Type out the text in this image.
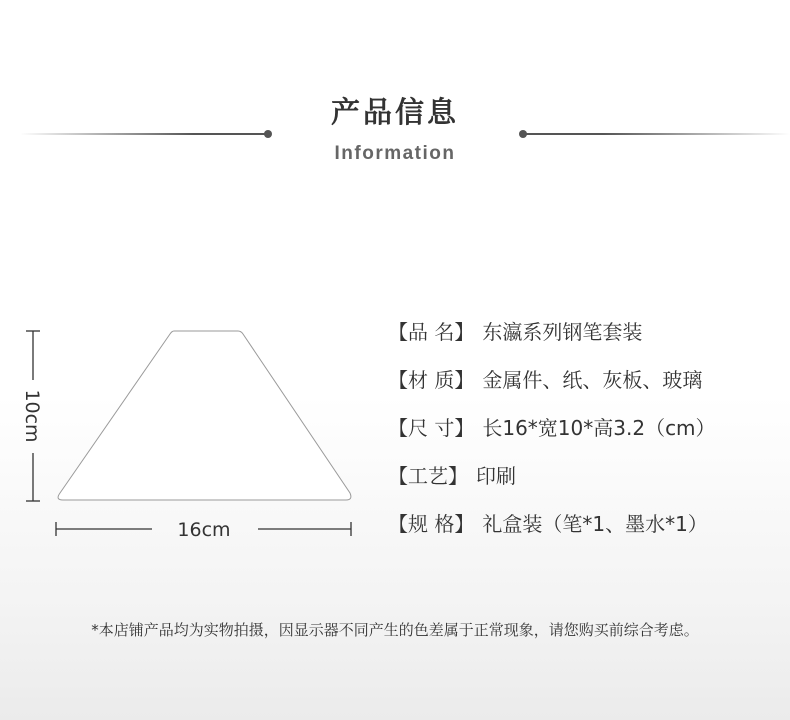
产品信息
Information
10cm
16cm
【品 名】 东瀛系列钢笔套装
【材 质】 金属件、纸、灰板、玻璃
【尺 寸】 长16*宽10*高3.2（cm）
【工艺】 印刷
【规 格】 礼盒装（笔*1、墨水*1）
*本店铺产品均为实物拍摄，因显示器不同产生的色差属于正常现象，请您购买前综合考虑。
